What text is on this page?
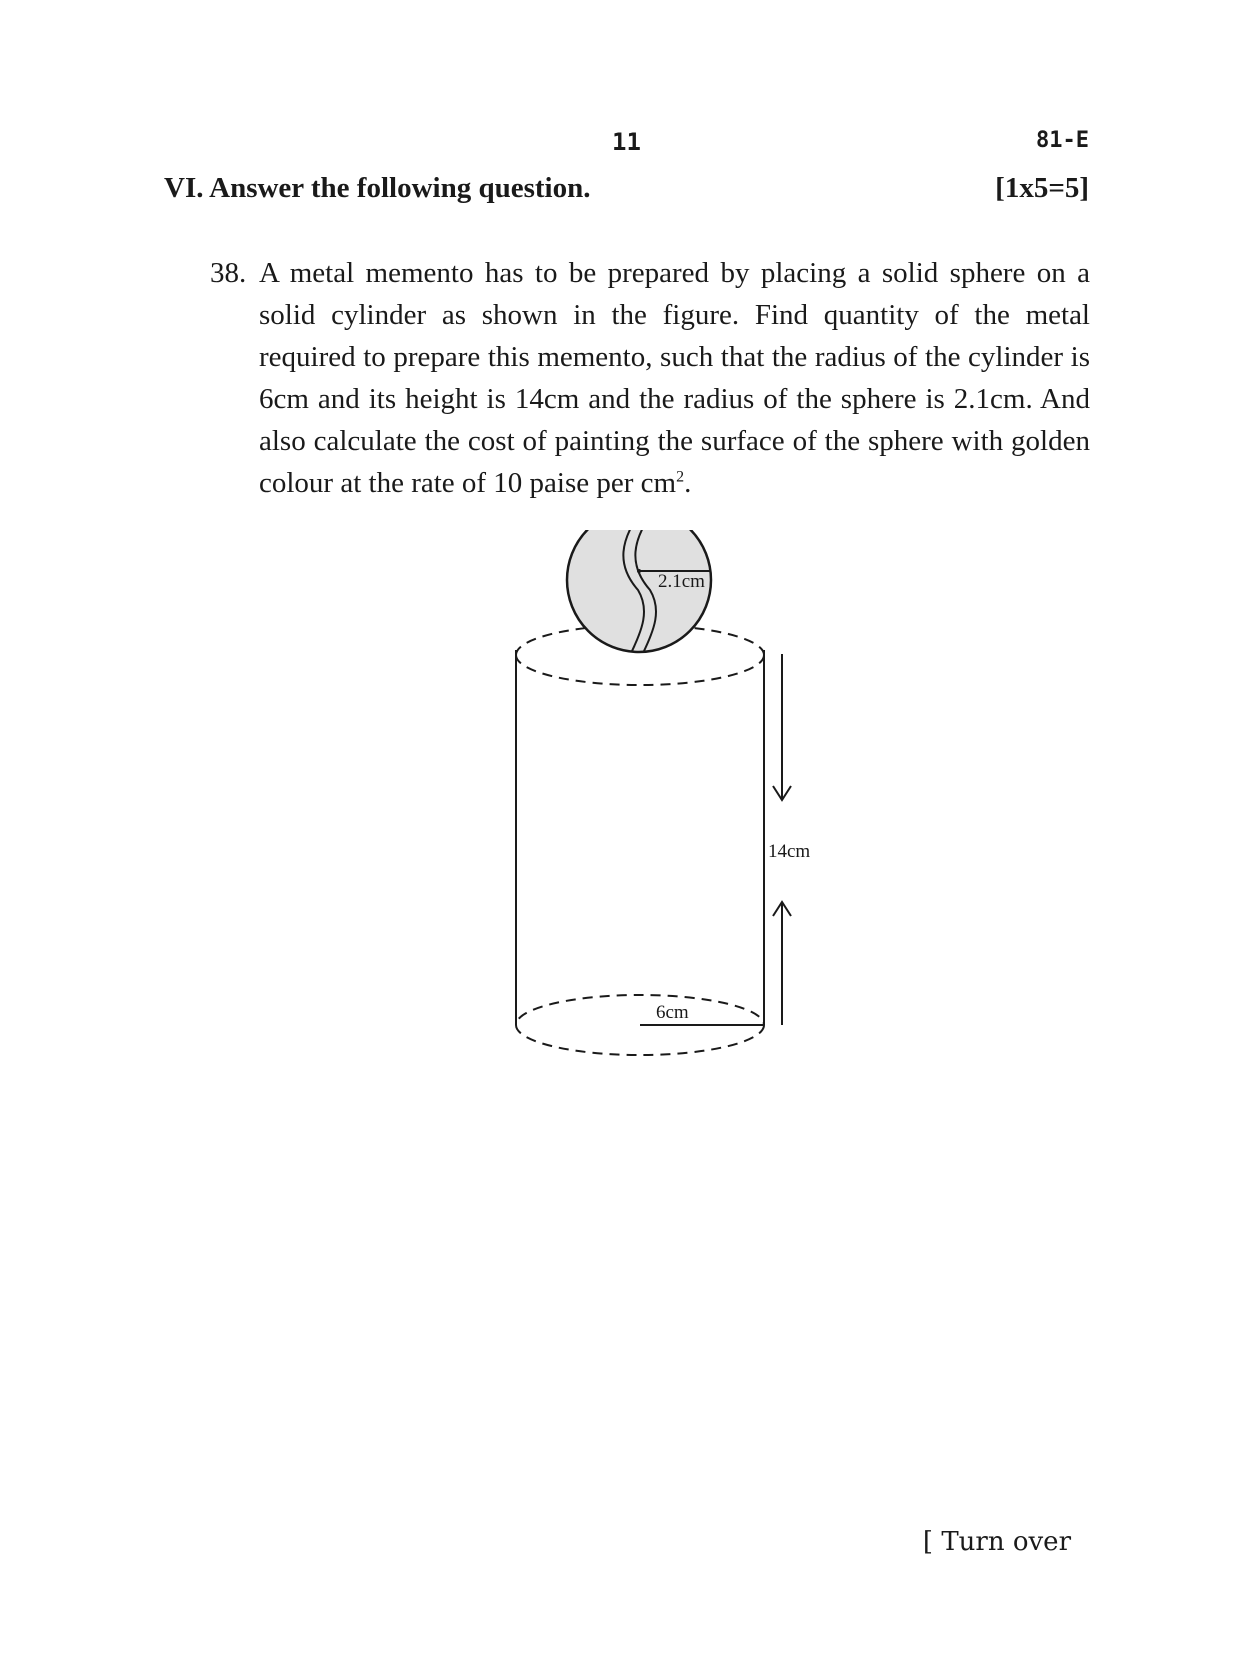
11	81-E
VI. Answer the following question.	[1x5=5]
38. A metal memento has to be prepared by placing a solid sphere on a solid cylinder as shown in the figure. Find quantity of the metal required to prepare this memento, such that the radius of the cylinder is 6cm and its height is 14cm and the radius of the sphere is 2.1cm. And also calculate the cost of painting the surface of the sphere with golden colour at the rate of 10 paise per $cm^2$.
6cm
14cm
2.1cm
[ Turn over
